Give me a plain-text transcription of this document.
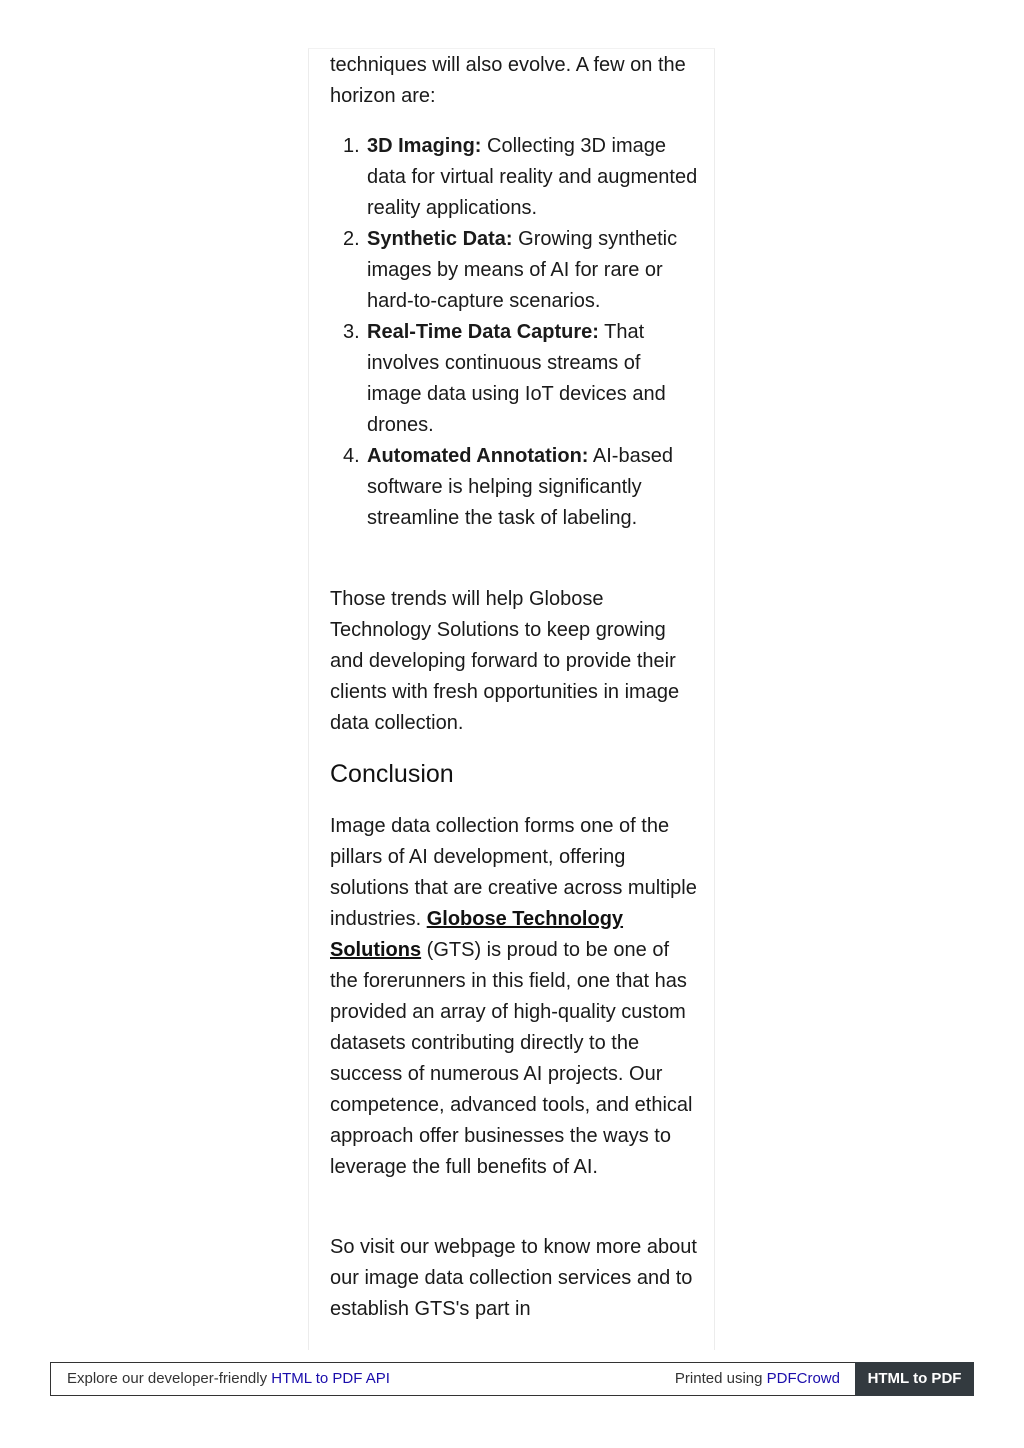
techniques will also evolve. A few on the horizon are:

1. 3D Imaging: Collecting 3D image data for virtual reality and augmented reality applications.
2. Synthetic Data: Growing synthetic images by means of AI for rare or hard-to-capture scenarios.
3. Real-Time Data Capture: That involves continuous streams of image data using IoT devices and drones.
4. Automated Annotation: AI-based software is helping significantly streamline the task of labeling.

Those trends will help Globose Technology Solutions to keep growing and developing forward to provide their clients with fresh opportunities in image data collection.

Conclusion

Image data collection forms one of the pillars of AI development, offering solutions that are creative across multiple industries. Globose Technology Solutions (GTS) is proud to be one of the forerunners in this field, one that has provided an array of high-quality custom datasets contributing directly to the success of numerous AI projects. Our competence, advanced tools, and ethical approach offer businesses the ways to leverage the full benefits of AI.

So visit our webpage to know more about our image data collection services and to establish GTS's part in

Explore our developer-friendly HTML to PDF API	Printed using PDFCrowd	HTML to PDF
